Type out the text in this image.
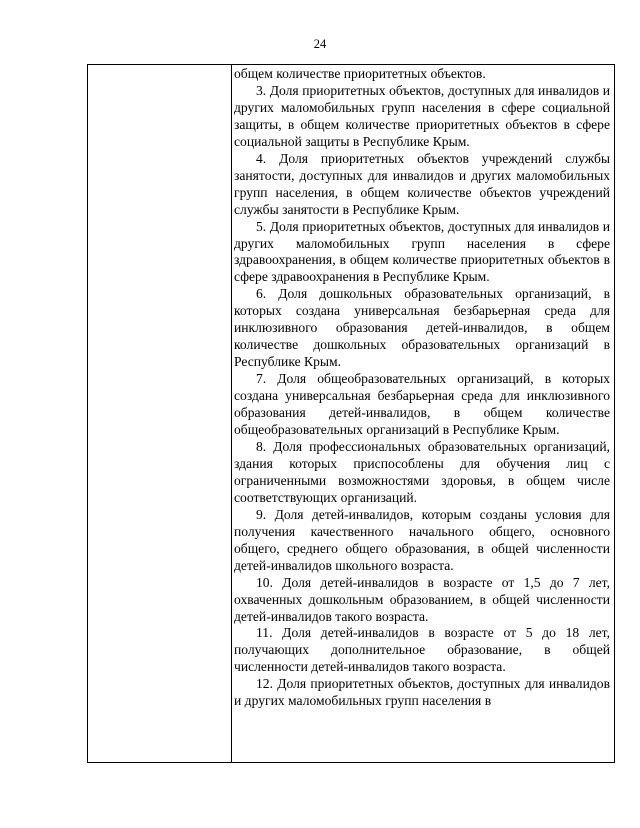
24

общем количестве приоритетных объектов.

3. Доля приоритетных объектов, доступных для инвалидов и других маломобильных групп населения в сфере социальной защиты, в общем количестве приоритетных объектов в сфере социальной защиты в Республике Крым.

4. Доля приоритетных объектов учреждений службы занятости, доступных для инвалидов и других маломобильных групп населения, в общем количестве объектов учреждений службы занятости в Республике Крым.

5. Доля приоритетных объектов, доступных для инвалидов и других маломобильных групп населения в сфере здравоохранения, в общем количестве приоритетных объектов в сфере здравоохранения в Республике Крым.

6. Доля дошкольных образовательных организаций, в которых создана универсальная безбарьерная среда для инклюзивного образования детей-инвалидов, в общем количестве дошкольных образовательных организаций в Республике Крым.

7. Доля общеобразовательных организаций, в которых создана универсальная безбарьерная среда для инклюзивного образования детей-инвалидов, в общем количестве общеобразовательных организаций в Республике Крым.

8. Доля профессиональных образовательных организаций, здания которых приспособлены для обучения лиц с ограниченными возможностями здоровья, в общем числе соответствующих организаций.

9. Доля детей-инвалидов, которым созданы условия для получения качественного начального общего, основного общего, среднего общего образования, в общей численности детей-инвалидов школьного возраста.

10. Доля детей-инвалидов в возрасте от 1,5 до 7 лет, охваченных дошкольным образованием, в общей численности детей-инвалидов такого возраста.

11. Доля детей-инвалидов в возрасте от 5 до 18 лет, получающих дополнительное образование, в общей численности детей-инвалидов такого возраста.

12. Доля приоритетных объектов, доступных для инвалидов и других маломобильных групп населения в
